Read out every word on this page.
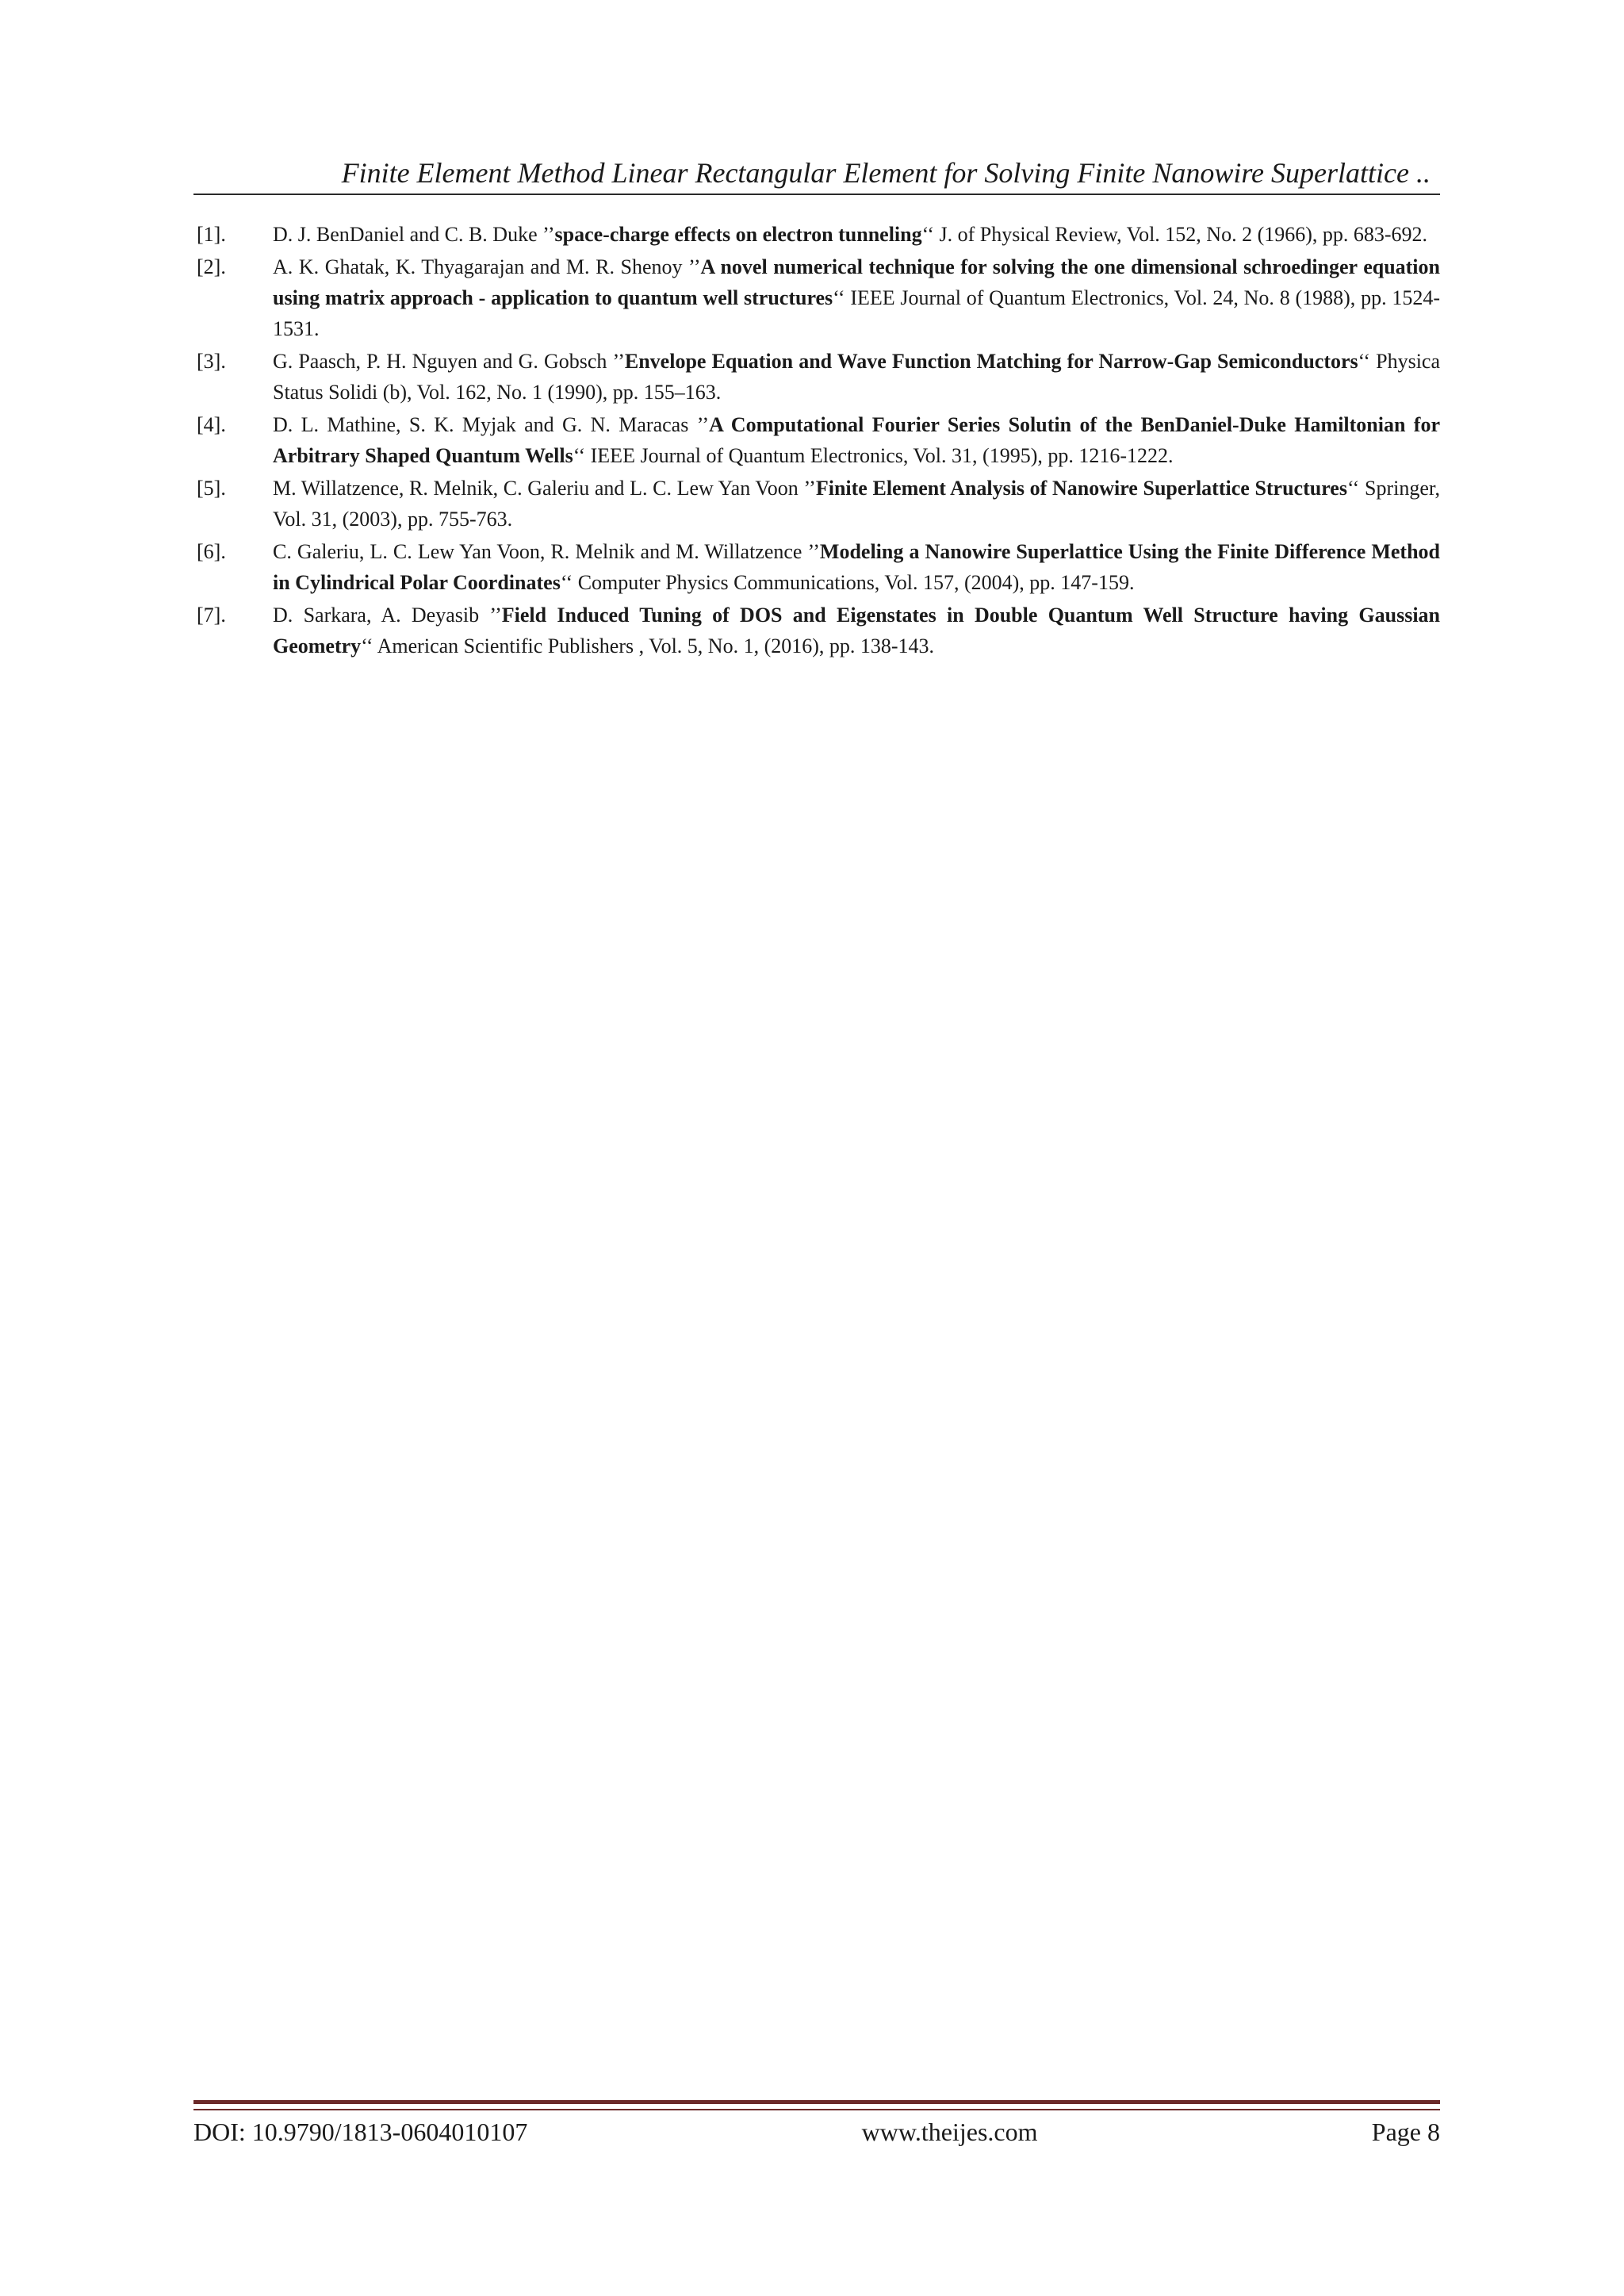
Finite Element Method Linear Rectangular Element for Solving Finite Nanowire Superlattice ..
[1]. D. J. BenDaniel and C. B. Duke ’’space-charge effects on electron tunneling‘‘ J. of Physical Review, Vol. 152, No. 2 (1966), pp. 683-692.
[2]. A. K. Ghatak, K. Thyagarajan and M. R. Shenoy ’’A novel numerical technique for solving the one dimensional schroedinger equation using matrix approach - application to quantum well structures‘‘ IEEE Journal of Quantum Electronics, Vol. 24, No. 8 (1988), pp. 1524-1531.
[3]. G. Paasch, P. H. Nguyen and G. Gobsch ’’Envelope Equation and Wave Function Matching for Narrow-Gap Semiconductors‘‘ Physica Status Solidi (b), Vol. 162, No. 1 (1990), pp. 155–163.
[4]. D. L. Mathine, S. K. Myjak and G. N. Maracas ’’A Computational Fourier Series Solutin of the BenDaniel-Duke Hamiltonian for Arbitrary Shaped Quantum Wells‘‘ IEEE Journal of Quantum Electronics, Vol. 31, (1995), pp. 1216-1222.
[5]. M. Willatzence, R. Melnik, C. Galeriu and L. C. Lew Yan Voon ’’Finite Element Analysis of Nanowire Superlattice Structures‘‘ Springer, Vol. 31, (2003), pp. 755-763.
[6]. C. Galeriu, L. C. Lew Yan Voon, R. Melnik and M. Willatzence ’’Modeling a Nanowire Superlattice Using the Finite Difference Method in Cylindrical Polar Coordinates‘‘ Computer Physics Communications, Vol. 157, (2004), pp. 147-159.
[7]. D. Sarkara, A. Deyasib ’’Field Induced Tuning of DOS and Eigenstates in Double Quantum Well Structure having Gaussian Geometry‘‘ American Scientific Publishers , Vol. 5, No. 1, (2016), pp. 138-143.
DOI: 10.9790/1813-0604010107	www.theijes.com	Page 8
